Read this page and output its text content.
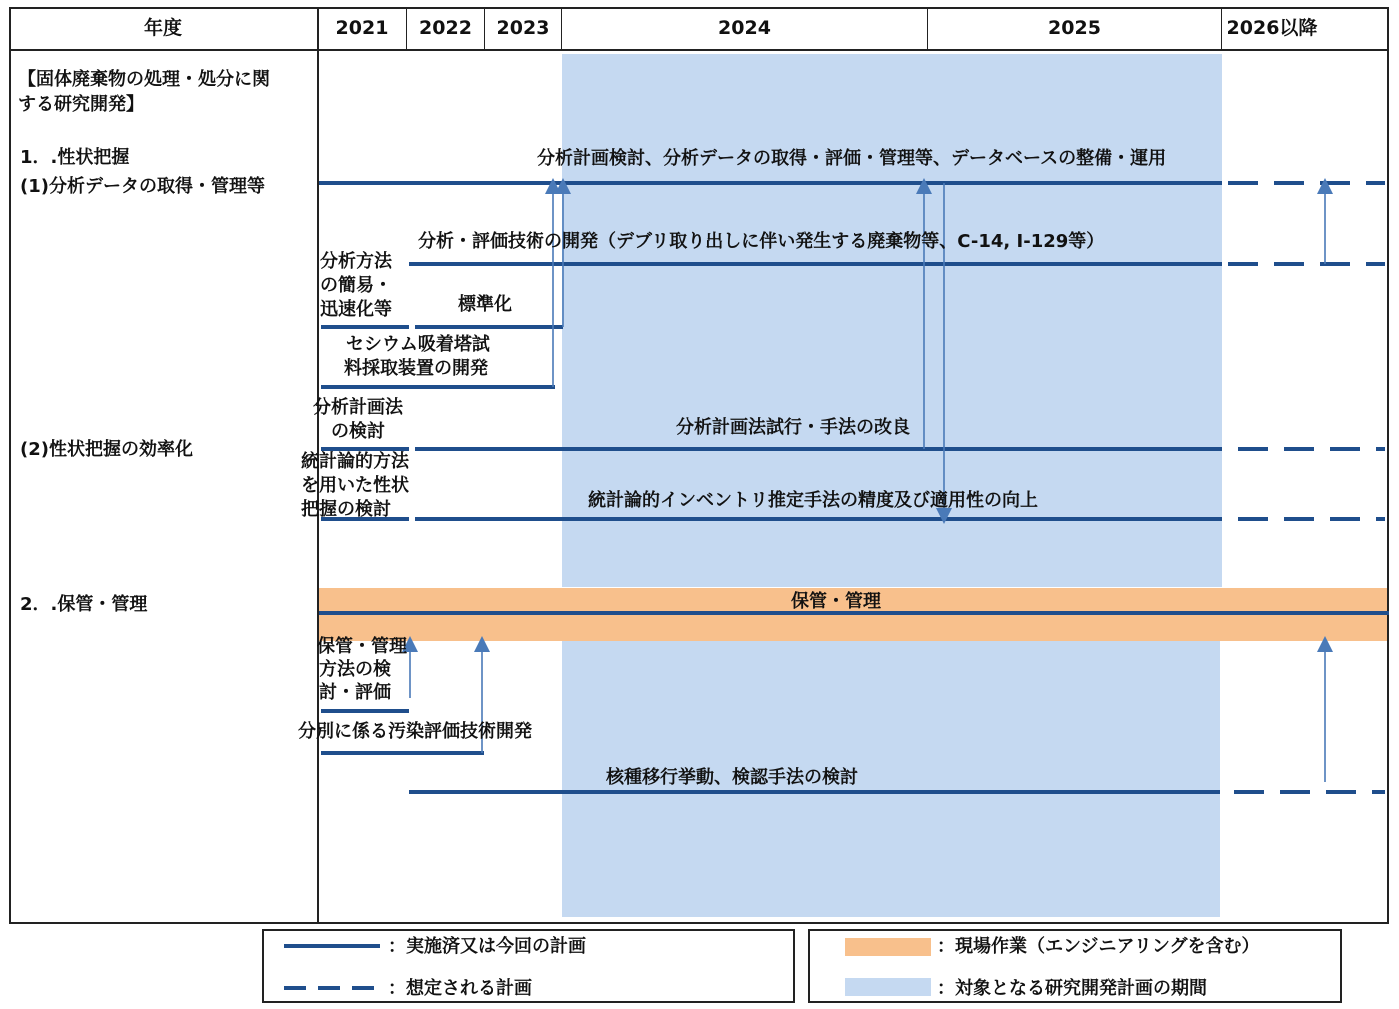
年度	2021	2022	2023	2024	2025	2026以降
【固体廃棄物の処理・処分に関
する研究開発】
1．.性状把握
(1)分析データの取得・管理等
(2)性状把握の効率化
2．.保管・管理
分析計画検討、分析データの取得・評価・管理等、データベースの整備・運用
分析・評価技術の開発（デブリ取り出しに伴い発生する廃棄物等、C-14, I-129等）
分析方法
の簡易・
迅速化等	標準化
セシウム吸着塔試
料採取装置の開発
分析計画法
の検討	分析計画法試行・手法の改良
統計論的方法
を用いた性状
把握の検討	統計論的インベントリ推定手法の精度及び適用性の向上
保管・管理
保管・管理
方法の検
討・評価
分別に係る汚染評価技術開発
核種移行挙動、検認手法の検討
：実施済又は今回の計画
：想定される計画
：現場作業（エンジニアリングを含む）
：対象となる研究開発計画の期間
